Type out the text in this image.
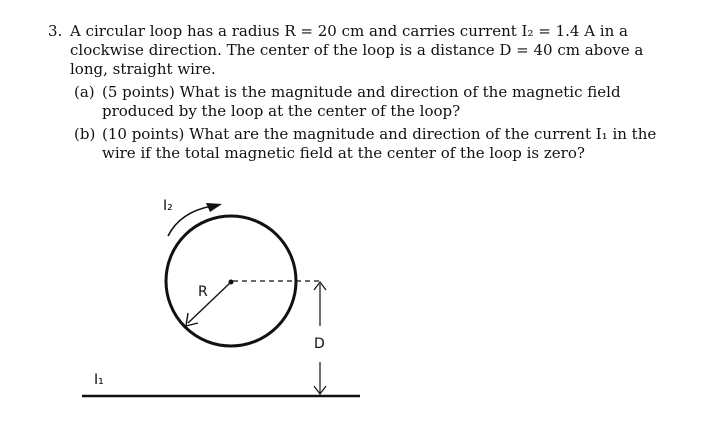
3. A circular loop has a radius R = 20 cm and carries current I₂ = 1.4 A in a clockwise direction. The center of the loop is a distance D = 40 cm above a long, straight wire.
(a) (5 points) What is the magnitude and direction of the magnetic field produced by the loop at the center of the loop?
(b) (10 points) What are the magnitude and direction of the current I₁ in the wire if the total magnetic field at the center of the loop is zero?
I₂
R
D
I₁
